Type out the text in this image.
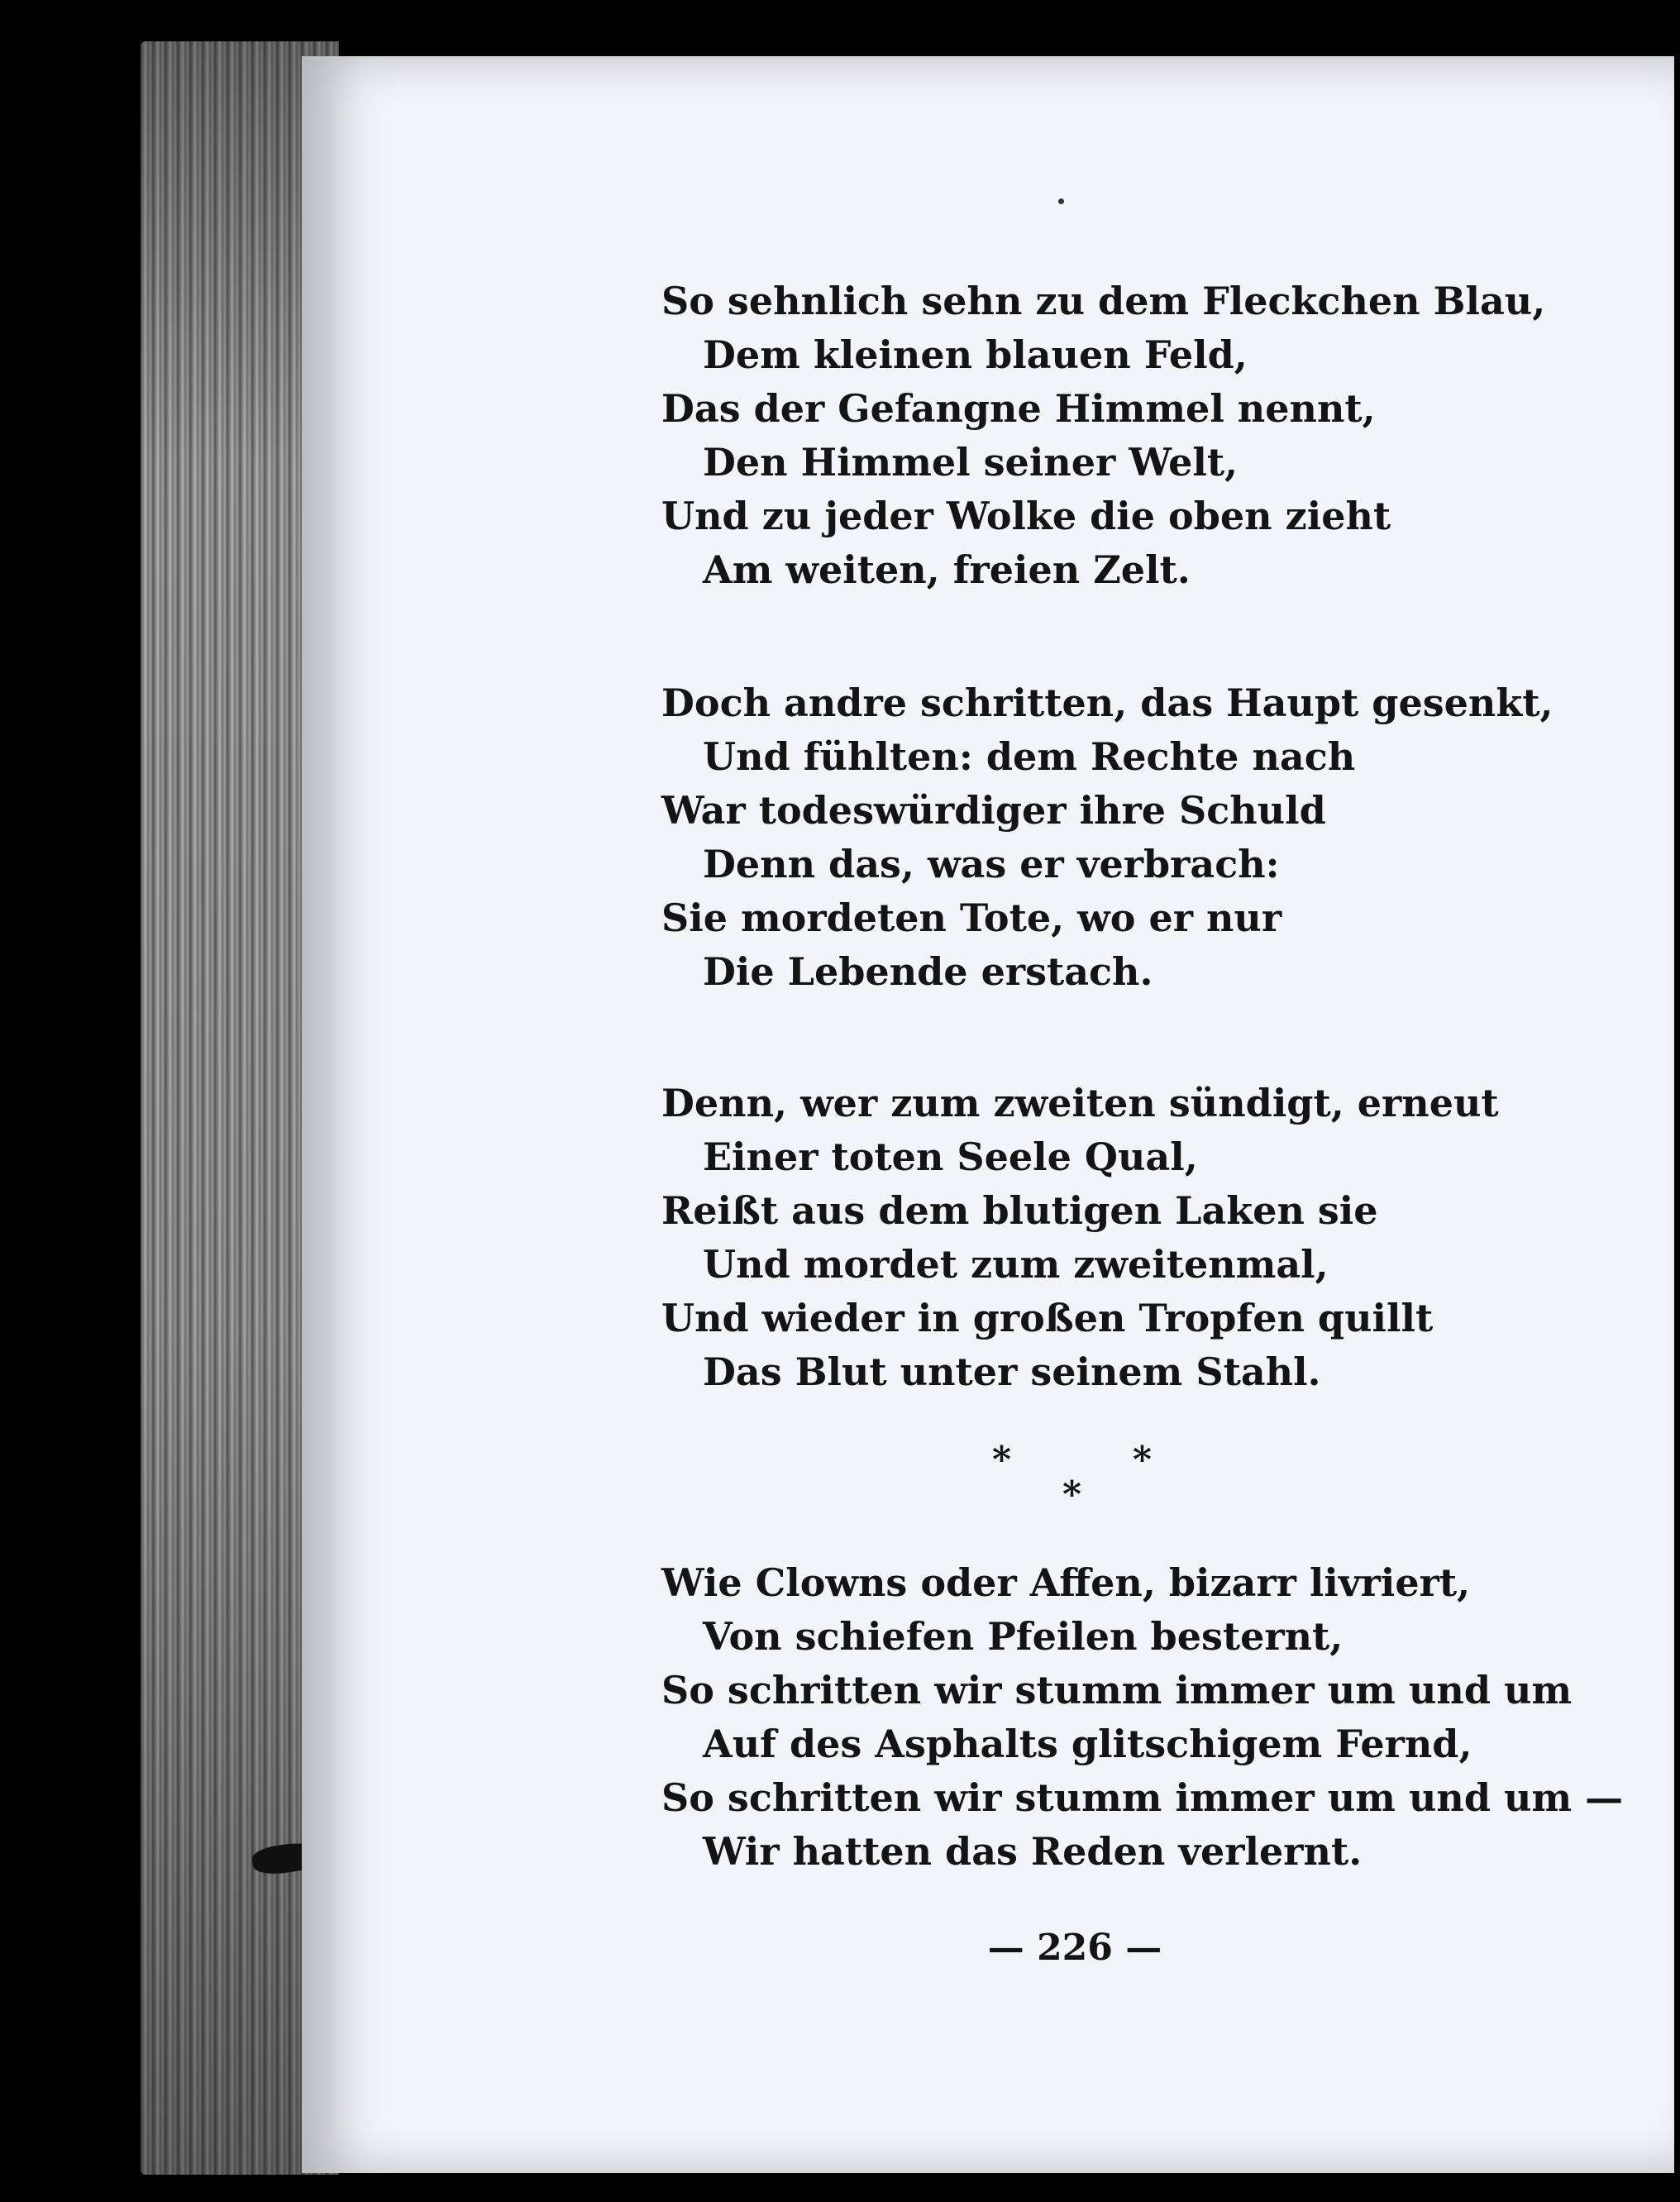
So sehnlich sehn zu dem Fleckchen Blau,
Dem kleinen blauen Feld,
Das der Gefangne Himmel nennt,
Den Himmel seiner Welt,
Und zu jeder Wolke die oben zieht
Am weiten, freien Zelt.
Doch andre schritten, das Haupt gesenkt,
Und fühlten: dem Rechte nach
War todeswürdiger ihre Schuld
Denn das, was er verbrach:
Sie mordeten Tote, wo er nur
Die Lebende erstach.
Denn, wer zum zweiten sündigt, erneut
Einer toten Seele Qual,
Reißt aus dem blutigen Laken sie
Und mordet zum zweitenmal,
Und wieder in großen Tropfen quillt
Das Blut unter seinem Stahl.
*	*
*
Wie Clowns oder Affen, bizarr livriert,
Von schiefen Pfeilen besternt,
So schritten wir stumm immer um und um
Auf des Asphalts glitschigem Fernd,
So schritten wir stumm immer um und um —
Wir hatten das Reden verlernt.
— 226 —
